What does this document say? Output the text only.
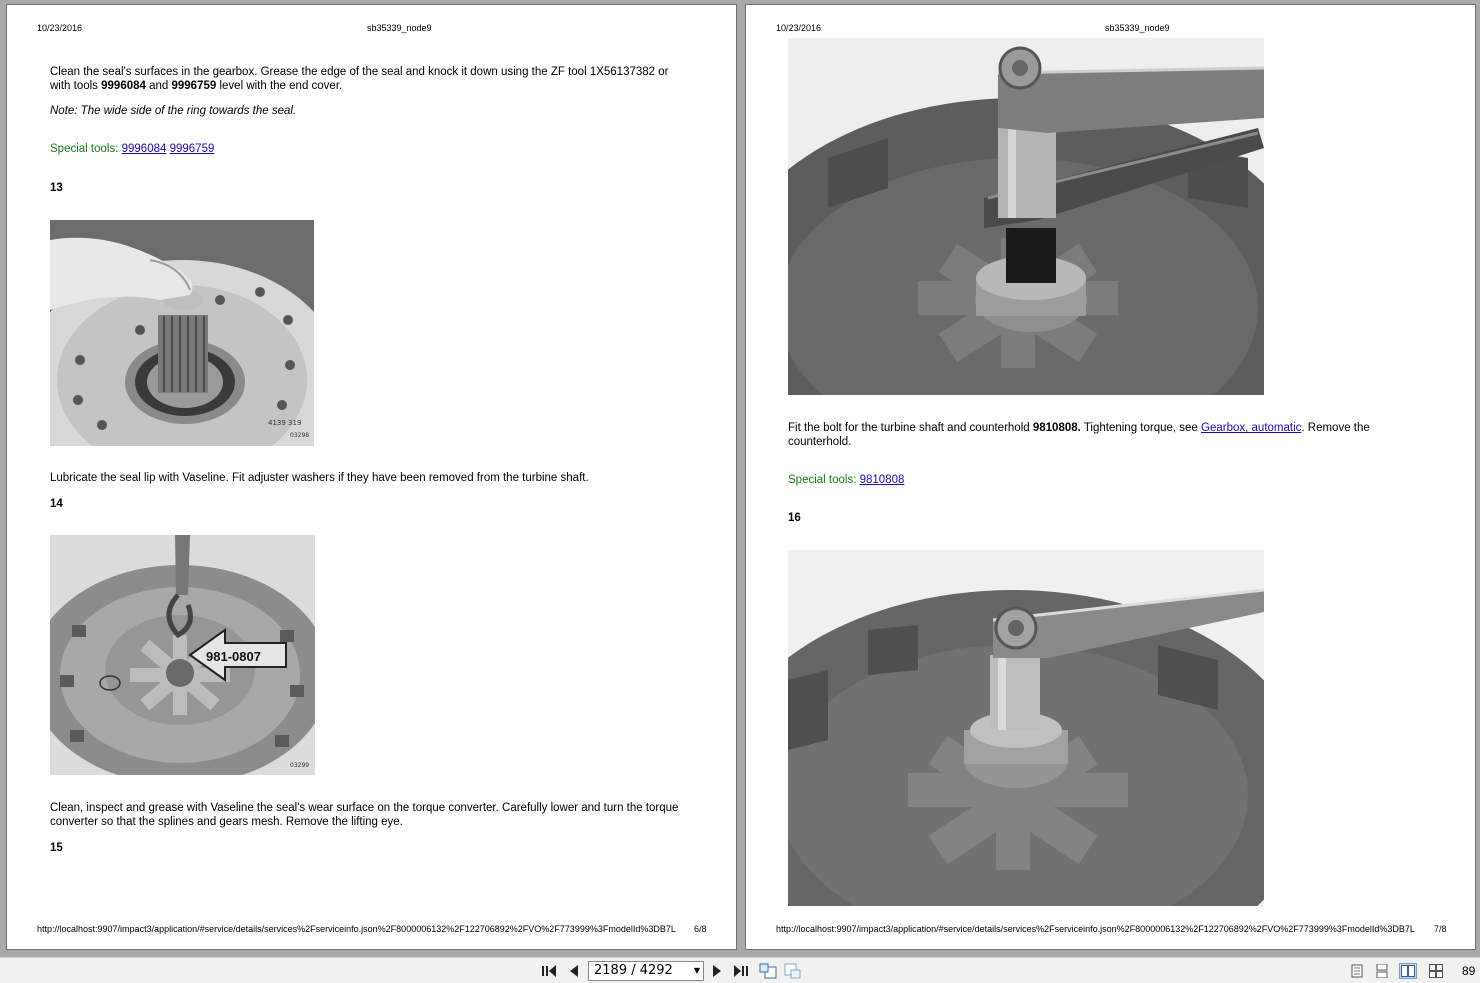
10/23/2016	sb35339_node9
Clean the seal's surfaces in the gearbox. Grease the edge of the seal and knock it down using the ZF tool 1X56137382 or
with tools 9996084 and 9996759 level with the end cover.
Note: The wide side of the ring towards the seal.
Special tools: 9996084 9996759
13
4139 319
03298
Lubricate the seal lip with Vaseline. Fit adjuster washers if they have been removed from the turbine shaft.
14
981-0807
03299
Clean, inspect and grease with Vaseline the seal's wear surface on the torque converter. Carefully lower and turn the torque
converter so that the splines and gears mesh. Remove the lifting eye.
15
http://localhost:9907/impact3/application/#service/details/services%2Fserviceinfo.json%2F8000006132%2F122706892%2FVO%2F773999%3FmodelId%3DB7L 6/8
10/23/2016	sb35339_node9
Fit the bolt for the turbine shaft and counterhold 9810808. Tightening torque, see Gearbox, automatic. Remove the
counterhold.
Special tools: 9810808
16
http://localhost:9907/impact3/application/#service/details/services%2Fserviceinfo.json%2F8000006132%2F122706892%2FVO%2F773999%3FmodelId%3DB7L 7/8
2189 / 4292	▼	89
